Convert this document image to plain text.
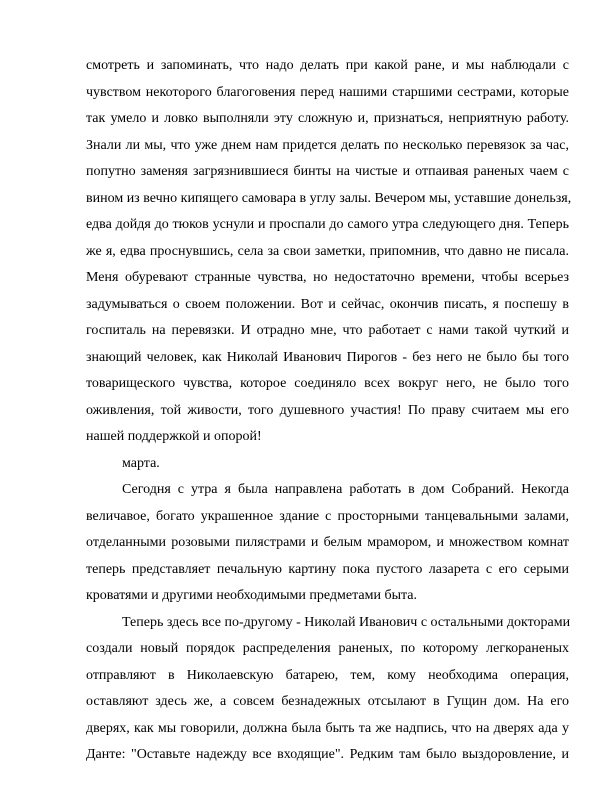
смотреть и запоминать, что надо делать при какой ране, и мы наблюдали с

чувством некоторого благоговения перед нашими старшими сестрами, которые

так умело и ловко выполняли эту сложную и, признаться, неприятную работу.

Знали ли мы, что уже днем нам придется делать по несколько перевязок за час,

попутно заменяя загрязнившиеся бинты на чистые и отпаивая раненых чаем с

вином из вечно кипящего самовара в углу залы. Вечером мы, уставшие донельзя,

едва дойдя до тюков уснули и проспали до самого утра следующего дня. Теперь

же я, едва проснувшись, села за свои заметки, припомнив, что давно не писала.

Меня обуревают странные чувства, но недостаточно времени, чтобы всерьез

задумываться о своем положении. Вот и сейчас, окончив писать, я поспешу в

госпиталь на перевязки. И отрадно мне, что работает с нами такой чуткий и

знающий человек, как Николай Иванович Пирогов - без него не было бы того

товарищеского чувства, которое соединяло всех вокруг него, не было того

оживления, той живости, того душевного участия! По праву считаем мы его

нашей поддержкой и опорой!

марта.

Сегодня с утра я была направлена работать в дом Собраний. Некогда

величавое, богато украшенное здание с просторными танцевальными залами,

отделанными розовыми пилястрами и белым мрамором, и множеством комнат

теперь представляет печальную картину пока пустого лазарета с его серыми

кроватями и другими необходимыми предметами быта.

Теперь здесь все по-другому - Николай Иванович с остальными докторами

создали новый порядок распределения раненых, по которому легкораненых

отправляют в Николаевскую батарею, тем, кому необходима операция,

оставляют здесь же, а совсем безнадежных отсылают в Гущин дом. На его

дверях, как мы говорили, должна была быть та же надпись, что на дверях ада у

Данте: "Оставьте надежду все входящие". Редким там было выздоровление, и
